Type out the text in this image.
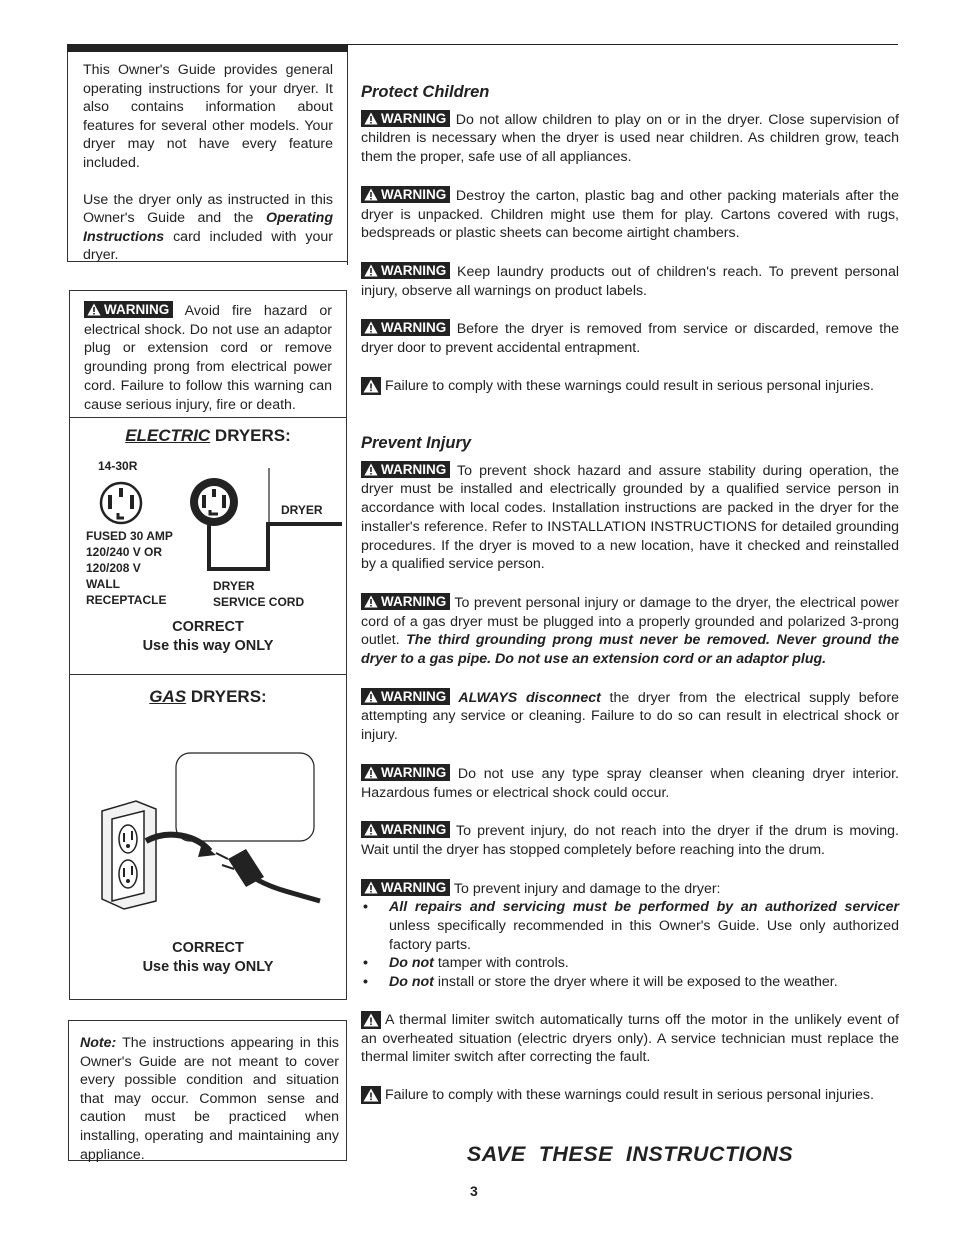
This Owner's Guide provides general operating instructions for your dryer. It also contains information about features for several other models. Your dryer may not have every feature included.

Use the dryer only as instructed in this Owner's Guide and the Operating Instructions card included with your dryer.

WARNING Avoid fire hazard or electrical shock. Do not use an adaptor plug or extension cord or remove grounding prong from electrical power cord. Failure to follow this warning can cause serious injury, fire or death.
ELECTRIC DRYERS:
14-30R
DRYER
FUSED 30 AMP
120/240 V OR
120/208 V
WALL
RECEPTACLE
DRYER
SERVICE CORD
CORRECT
Use this way ONLY
GAS DRYERS:
CORRECT
Use this way ONLY
Note: The instructions appearing in this Owner's Guide are not meant to cover every possible condition and situation that may occur. Common sense and caution must be practiced when installing, operating and maintaining any appliance.
Protect Children

WARNING Do not allow children to play on or in the dryer. Close supervision of children is necessary when the dryer is used near children. As children grow, teach them the proper, safe use of all appliances.

WARNING Destroy the carton, plastic bag and other packing materials after the dryer is unpacked. Children might use them for play. Cartons covered with rugs, bedspreads or plastic sheets can become airtight chambers.

WARNING Keep laundry products out of children's reach. To prevent personal injury, observe all warnings on product labels.

WARNING Before the dryer is removed from service or discarded, remove the dryer door to prevent accidental entrapment.

Failure to comply with these warnings could result in serious personal injuries.

Prevent Injury

WARNING To prevent shock hazard and assure stability during operation, the dryer must be installed and electrically grounded by a qualified service person in accordance with local codes. Installation instructions are packed in the dryer for the installer's reference. Refer to INSTALLATION INSTRUCTIONS for detailed grounding procedures. If the dryer is moved to a new location, have it checked and reinstalled by a qualified service person.

WARNING To prevent personal injury or damage to the dryer, the electrical power cord of a gas dryer must be plugged into a properly grounded and polarized 3-prong outlet. The third grounding prong must never be removed. Never ground the dryer to a gas pipe. Do not use an extension cord or an adaptor plug.

WARNING ALWAYS disconnect the dryer from the electrical supply before attempting any service or cleaning. Failure to do so can result in electrical shock or injury.

WARNING Do not use any type spray cleanser when cleaning dryer interior. Hazardous fumes or electrical shock could occur.

WARNING To prevent injury, do not reach into the dryer if the drum is moving. Wait until the dryer has stopped completely before reaching into the drum.

WARNING To prevent injury and damage to the dryer:
• All repairs and servicing must be performed by an authorized servicer unless specifically recommended in this Owner's Guide. Use only authorized factory parts.
• Do not tamper with controls.
• Do not install or store the dryer where it will be exposed to the weather.

A thermal limiter switch automatically turns off the motor in the unlikely event of an overheated situation (electric dryers only). A service technician must replace the thermal limiter switch after correcting the fault.

Failure to comply with these warnings could result in serious personal injuries.

SAVE  THESE  INSTRUCTIONS
3
